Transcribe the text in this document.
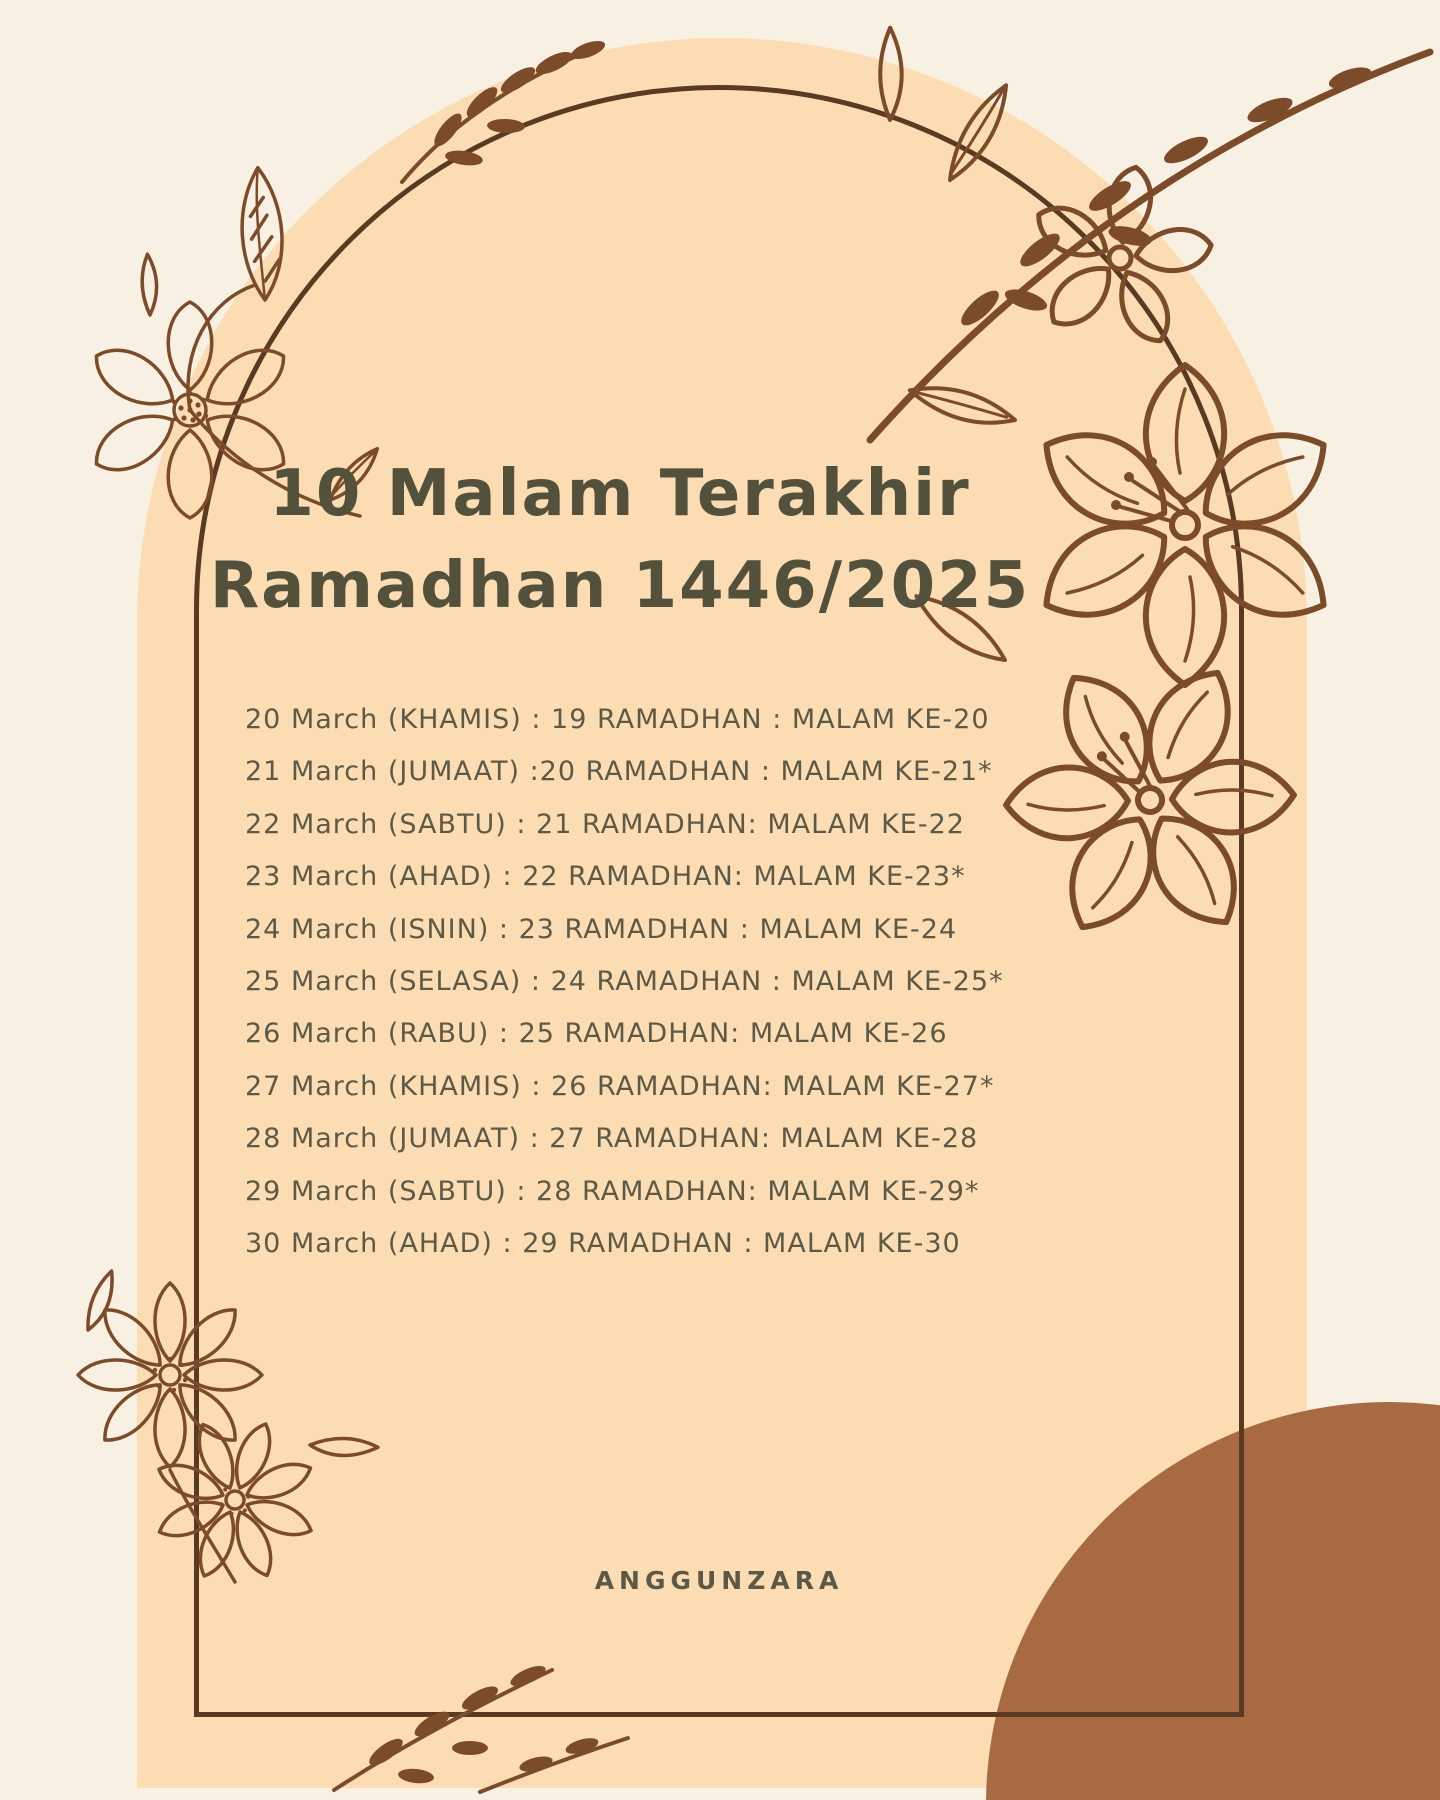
10 Malam Terakhir
Ramadhan 1446/2025
20 March (KHAMIS) : 19 RAMADHAN : MALAM KE-20
21 March (JUMAAT) :20 RAMADHAN : MALAM KE-21*
22 March (SABTU) : 21 RAMADHAN: MALAM KE-22
23 March (AHAD) : 22 RAMADHAN: MALAM KE-23*
24 March (ISNIN) : 23 RAMADHAN : MALAM KE-24
25 March (SELASA) : 24 RAMADHAN : MALAM KE-25*
26 March (RABU) : 25 RAMADHAN: MALAM KE-26
27 March (KHAMIS) : 26 RAMADHAN: MALAM KE-27*
28 March (JUMAAT) : 27 RAMADHAN: MALAM KE-28
29 March (SABTU) : 28 RAMADHAN: MALAM KE-29*
30 March (AHAD) : 29 RAMADHAN : MALAM KE-30
ANGGUNZARA
